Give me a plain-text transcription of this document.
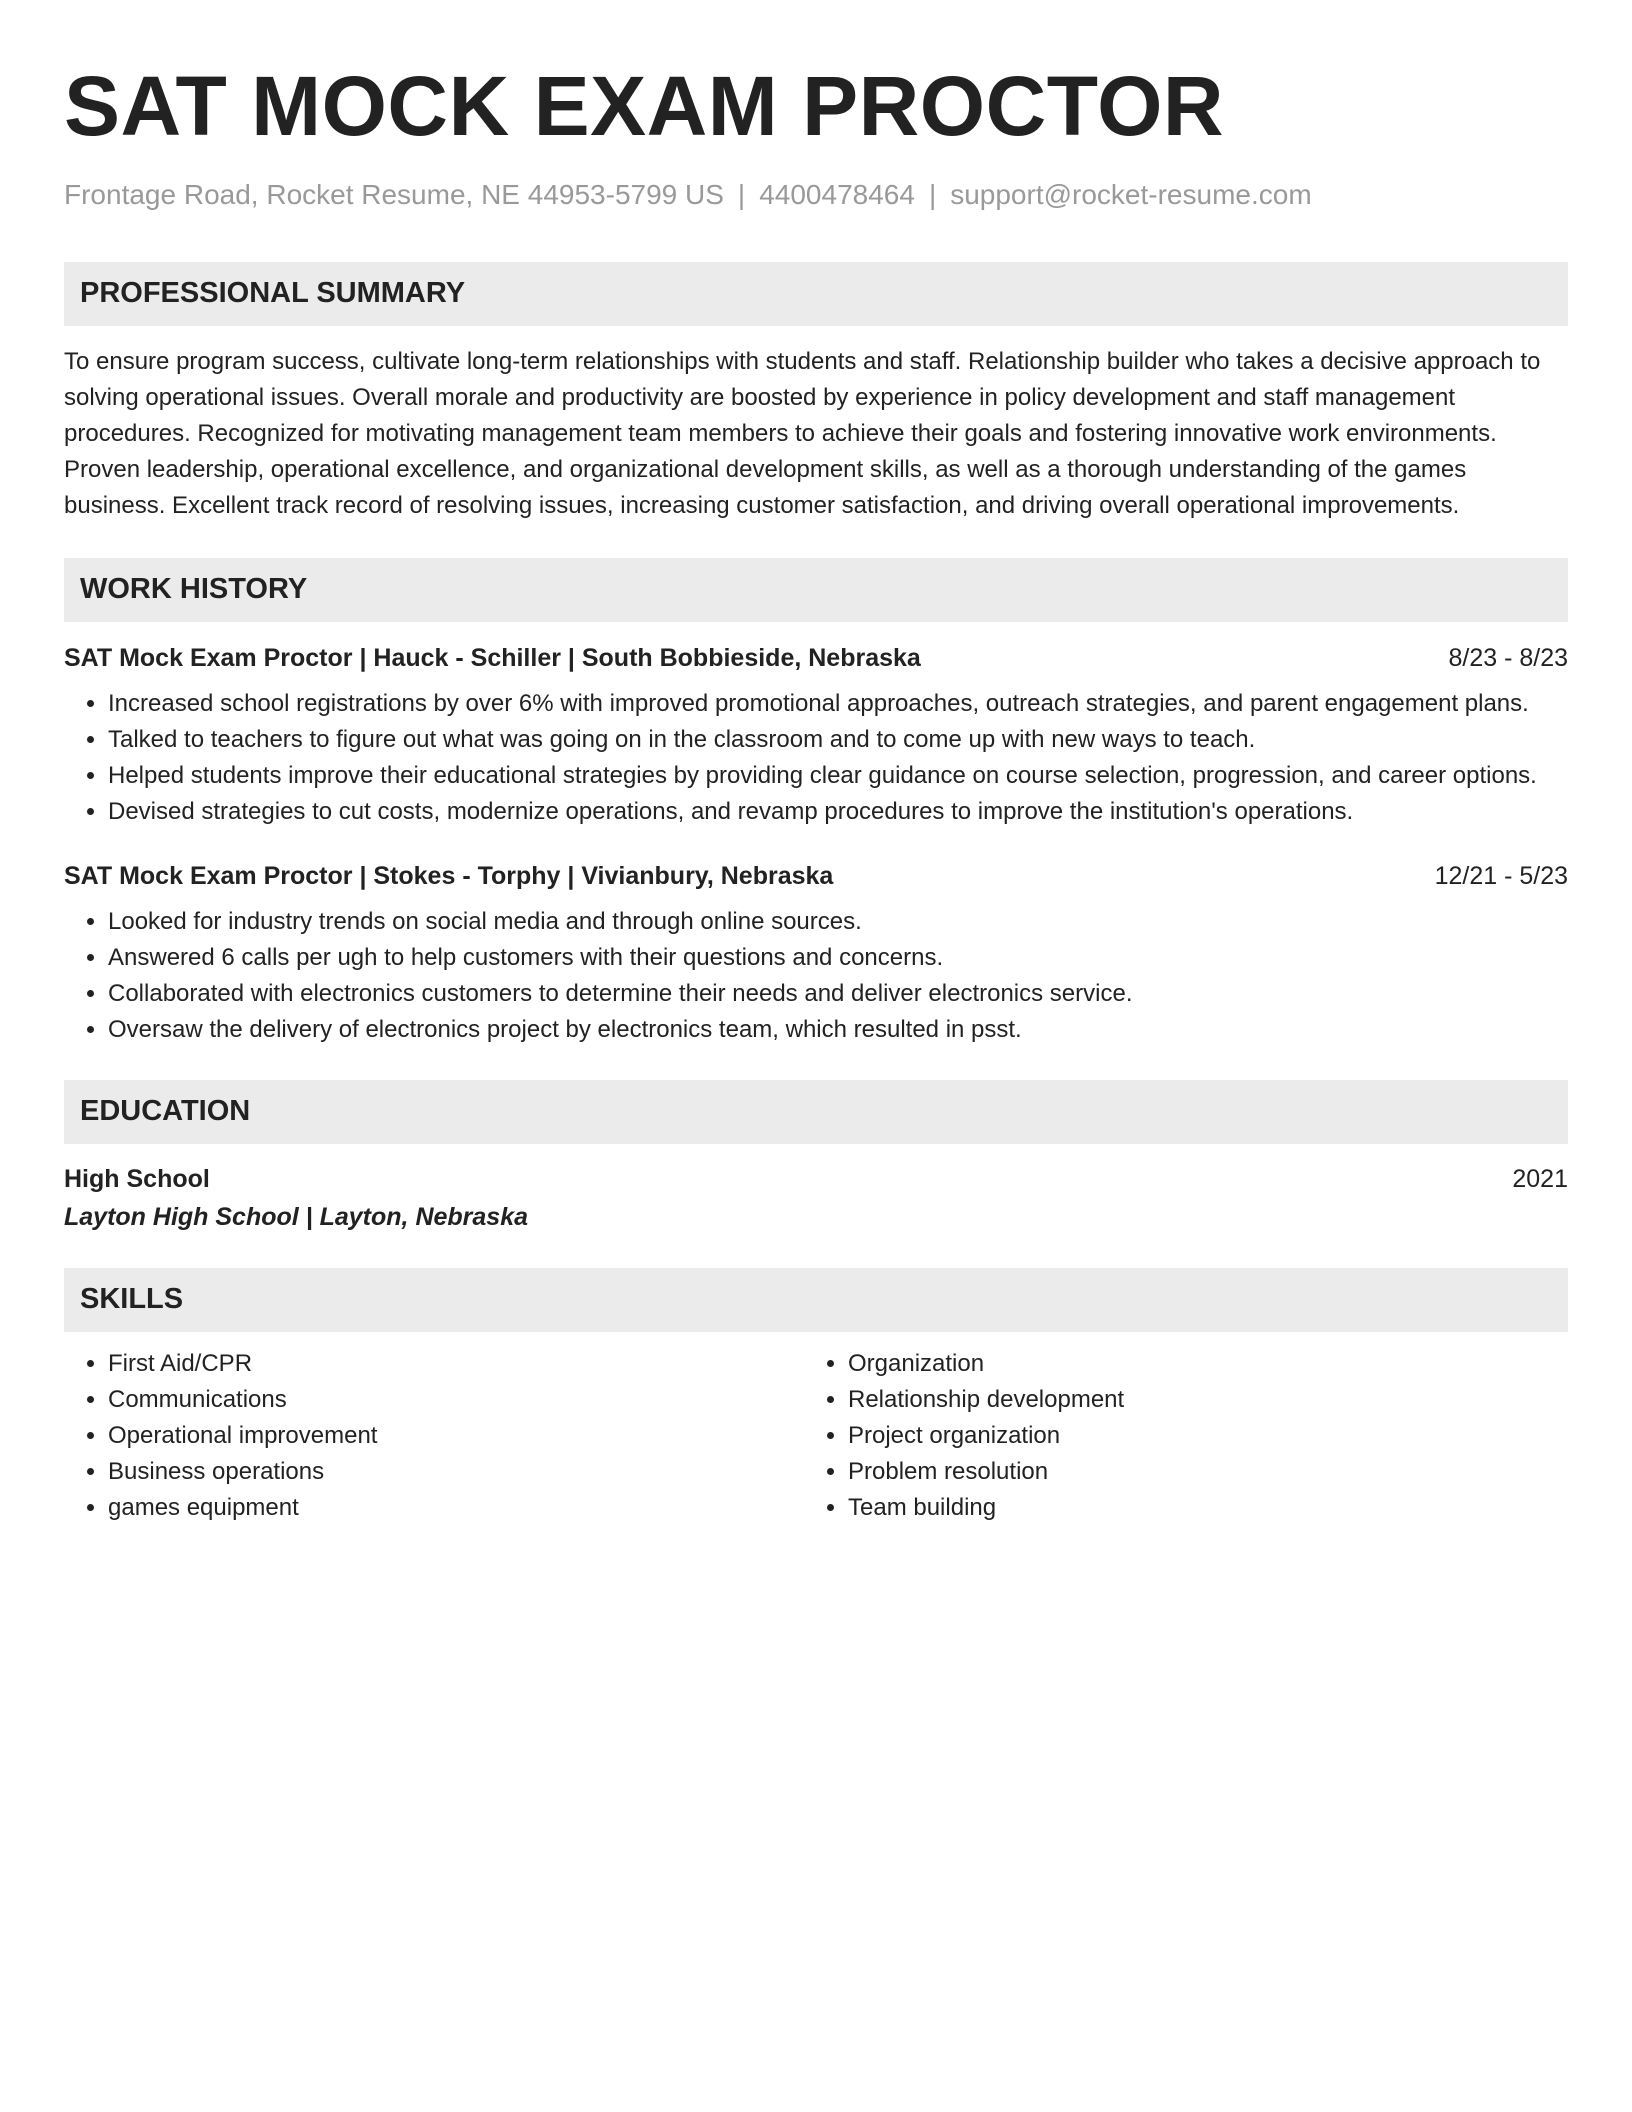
SAT MOCK EXAM PROCTOR
Frontage Road, Rocket Resume, NE 44953-5799 US | 4400478464 | support@rocket-resume.com
PROFESSIONAL SUMMARY
To ensure program success, cultivate long-term relationships with students and staff. Relationship builder who takes a decisive approach to solving operational issues. Overall morale and productivity are boosted by experience in policy development and staff management procedures. Recognized for motivating management team members to achieve their goals and fostering innovative work environments. Proven leadership, operational excellence, and organizational development skills, as well as a thorough understanding of the games business. Excellent track record of resolving issues, increasing customer satisfaction, and driving overall operational improvements.
WORK HISTORY
SAT Mock Exam Proctor | Hauck - Schiller | South Bobbieside, Nebraska	8/23 - 8/23
• Increased school registrations by over 6% with improved promotional approaches, outreach strategies, and parent engagement plans.
• Talked to teachers to figure out what was going on in the classroom and to come up with new ways to teach.
• Helped students improve their educational strategies by providing clear guidance on course selection, progression, and career options.
• Devised strategies to cut costs, modernize operations, and revamp procedures to improve the institution's operations.
SAT Mock Exam Proctor | Stokes - Torphy | Vivianbury, Nebraska	12/21 - 5/23
• Looked for industry trends on social media and through online sources.
• Answered 6 calls per ugh to help customers with their questions and concerns.
• Collaborated with electronics customers to determine their needs and deliver electronics service.
• Oversaw the delivery of electronics project by electronics team, which resulted in psst.
EDUCATION
High School	2021
Layton High School | Layton, Nebraska
SKILLS
• First Aid/CPR
• Communications
• Operational improvement
• Business operations
• games equipment
• Organization
• Relationship development
• Project organization
• Problem resolution
• Team building
